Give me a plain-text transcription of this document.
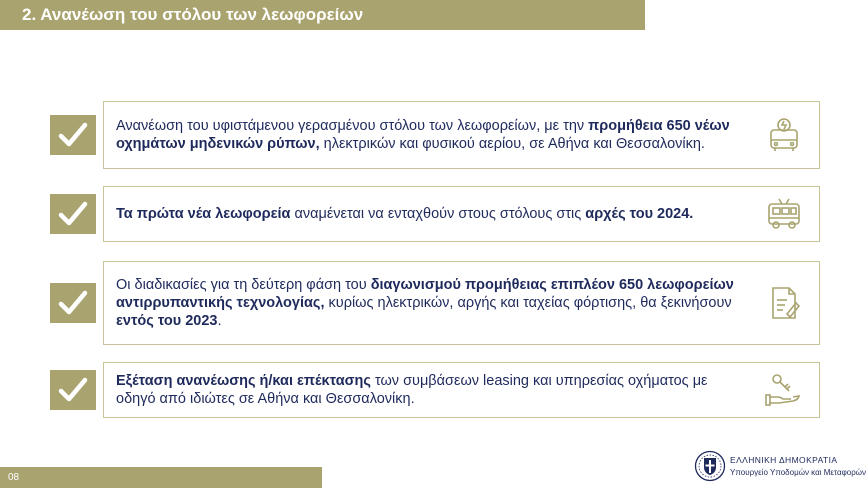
2. Ανανέωση του στόλου των λεωφορείων
Ανανέωση του υφιστάμενου γερασμένου στόλου των λεωφορείων, με την προμήθεια 650 νέων οχημάτων μηδενικών ρύπων, ηλεκτρικών και φυσικού αερίου, σε Αθήνα και Θεσσαλονίκη.
Τα πρώτα νέα λεωφορεία αναμένεται να ενταχθούν στους στόλους στις αρχές του 2024.
Οι διαδικασίες για τη δεύτερη φάση του διαγωνισμού προμήθειας επιπλέον 650 λεωφορείων αντιρρυπαντικής τεχνολογίας, κυρίως ηλεκτρικών, αργής και ταχείας φόρτισης, θα ξεκινήσουν εντός του 2023.
Εξέταση ανανέωσης ή/και επέκτασης των συμβάσεων leasing και υπηρεσίας οχήματος με οδηγό από ιδιώτες σε Αθήνα και Θεσσαλονίκη.
08
ΕΛΛΗΝΙΚΗ ΔΗΜΟΚΡΑΤΙΑ
Υπουργείο Υποδομών και Μεταφορών
